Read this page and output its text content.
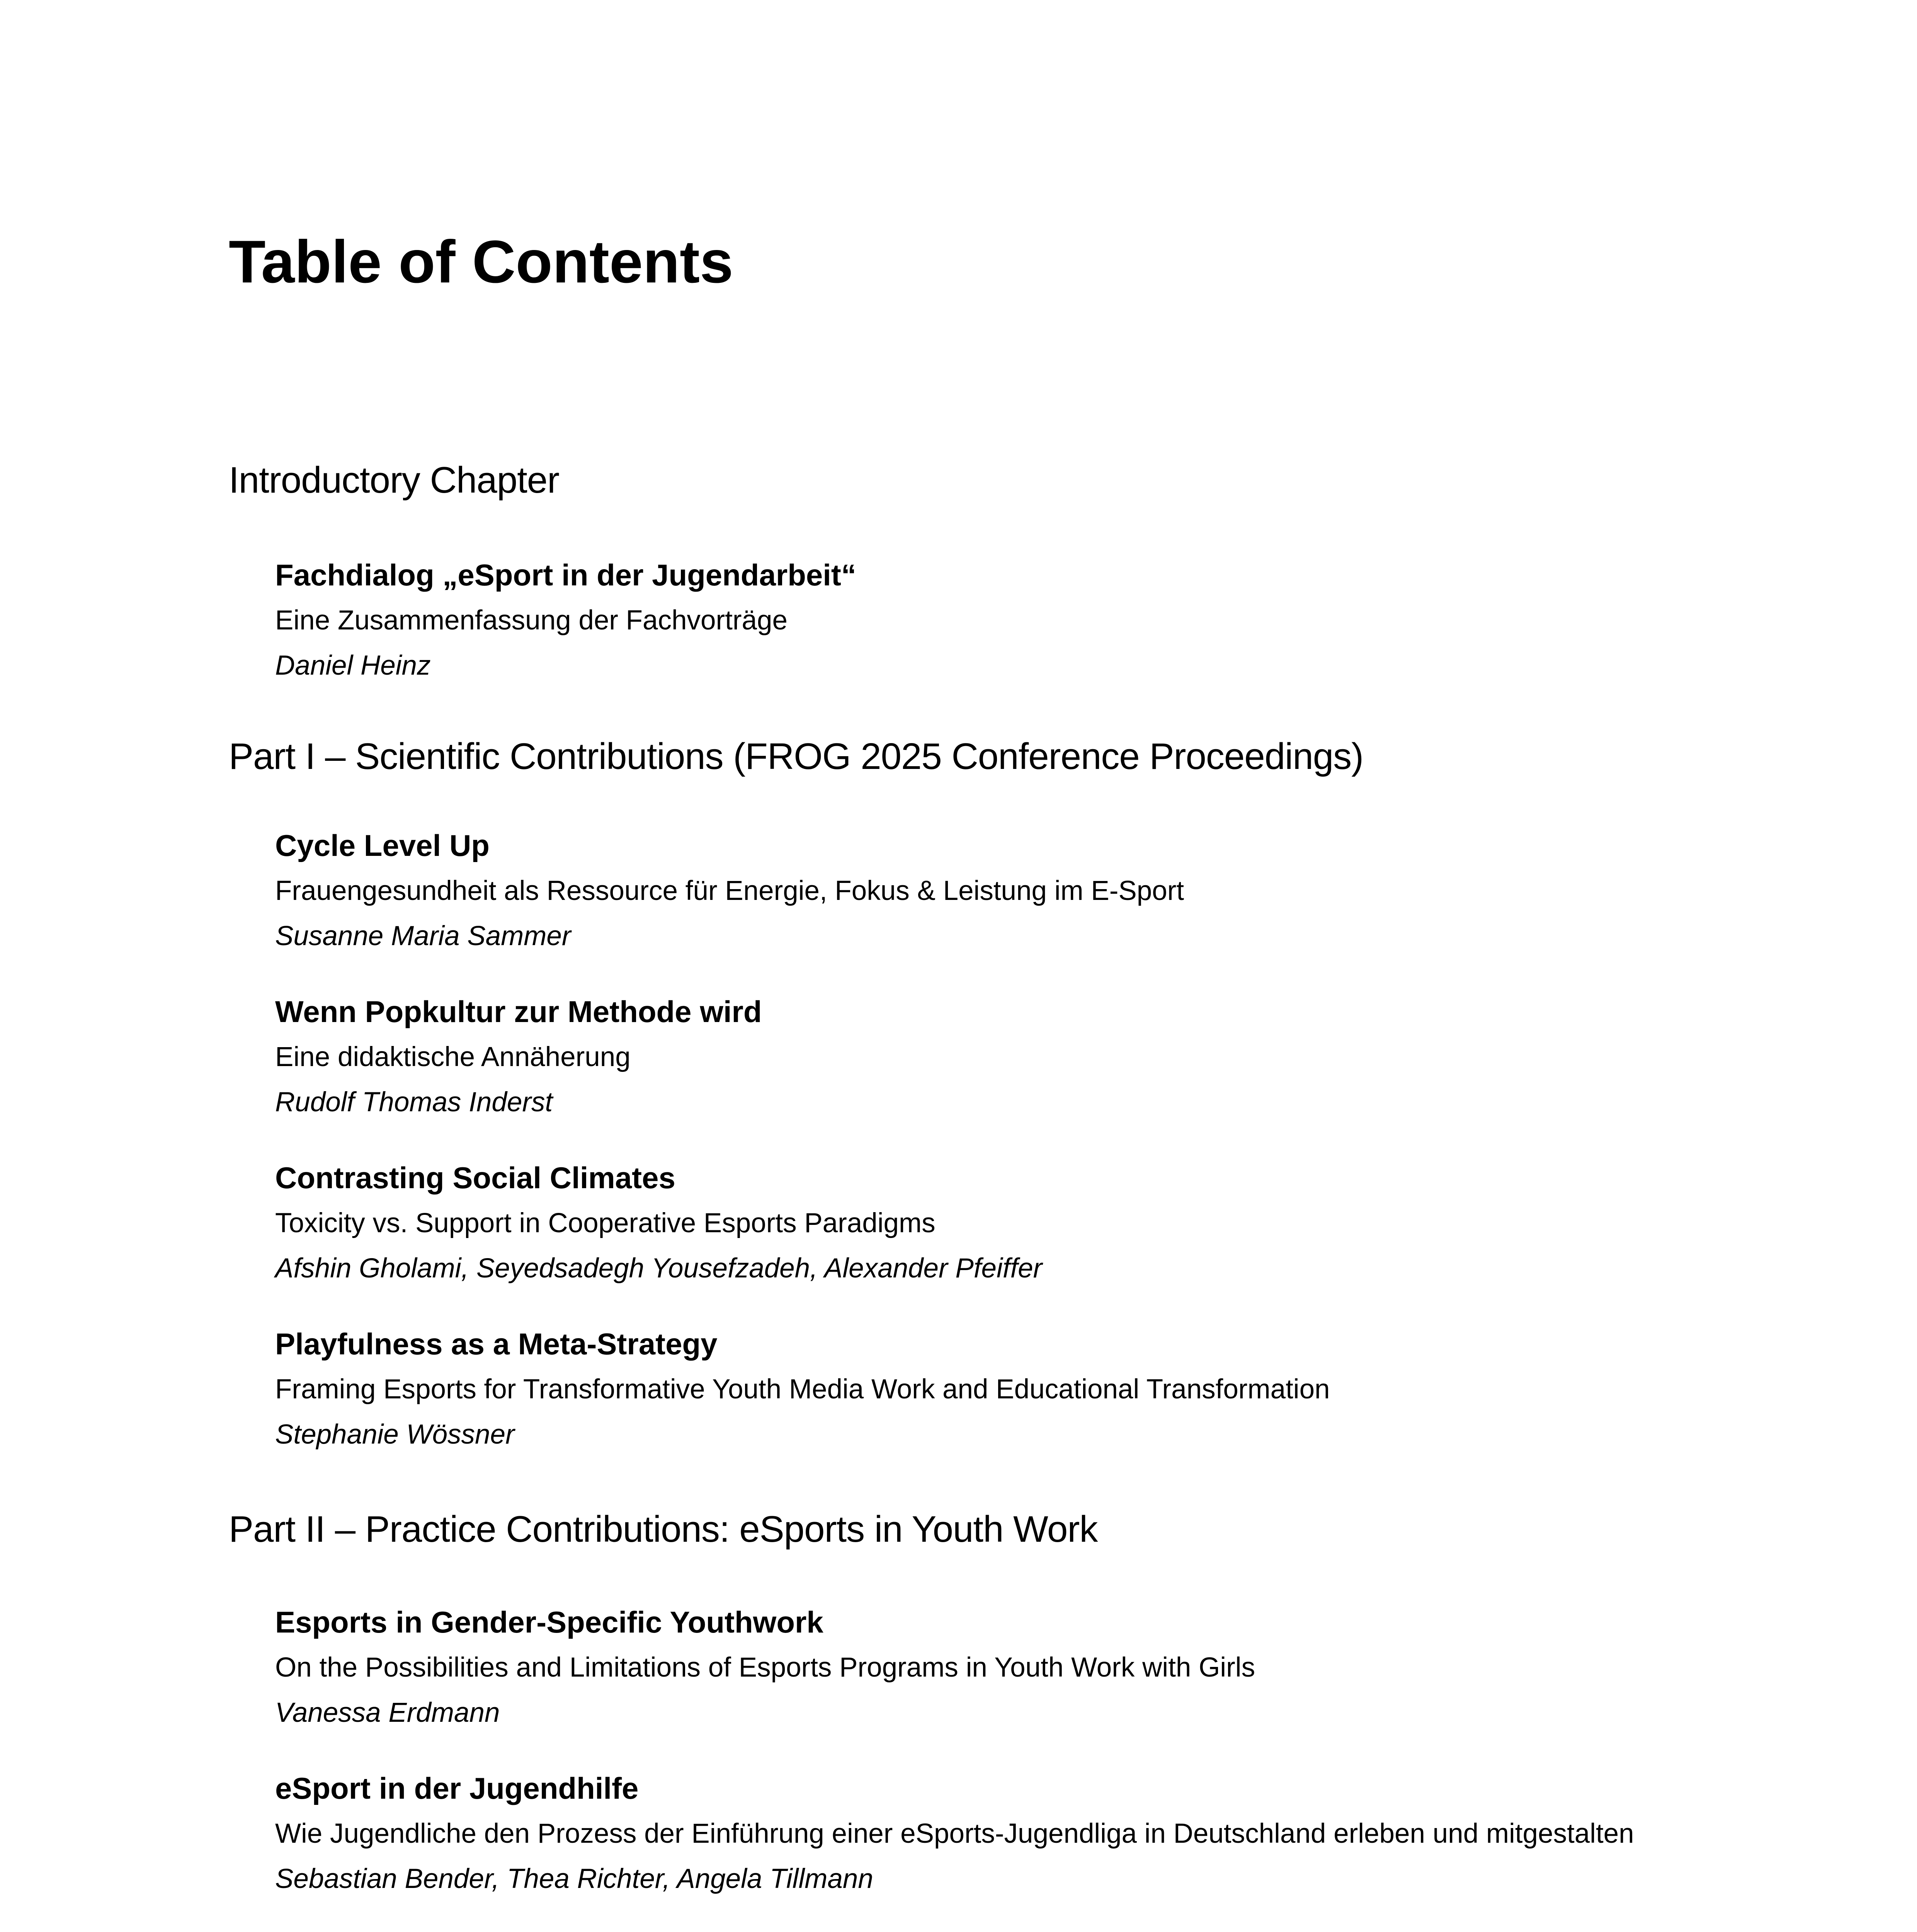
Table of Contents
Introductory Chapter
Fachdialog „eSport in der Jugendarbeit“
Eine Zusammenfassung der Fachvorträge
Daniel Heinz
Part I – Scientific Contributions (FROG 2025 Conference Proceedings)
Cycle Level Up
Frauengesundheit als Ressource für Energie, Fokus & Leistung im E-Sport
Susanne Maria Sammer
Wenn Popkultur zur Methode wird
Eine didaktische Annäherung
Rudolf Thomas Inderst
Contrasting Social Climates
Toxicity vs. Support in Cooperative Esports Paradigms
Afshin Gholami, Seyedsadegh Yousefzadeh, Alexander Pfeiffer
Playfulness as a Meta-Strategy
Framing Esports for Transformative Youth Media Work and Educational Transformation
Stephanie Wössner
Part II – Practice Contributions: eSports in Youth Work
Esports in Gender-Specific Youthwork
On the Possibilities and Limitations of Esports Programs in Youth Work with Girls
Vanessa Erdmann
eSport in der Jugendhilfe
Wie Jugendliche den Prozess der Einführung einer eSports-Jugendliga in Deutschland erleben und mitgestalten
Sebastian Bender, Thea Richter, Angela Tillmann
